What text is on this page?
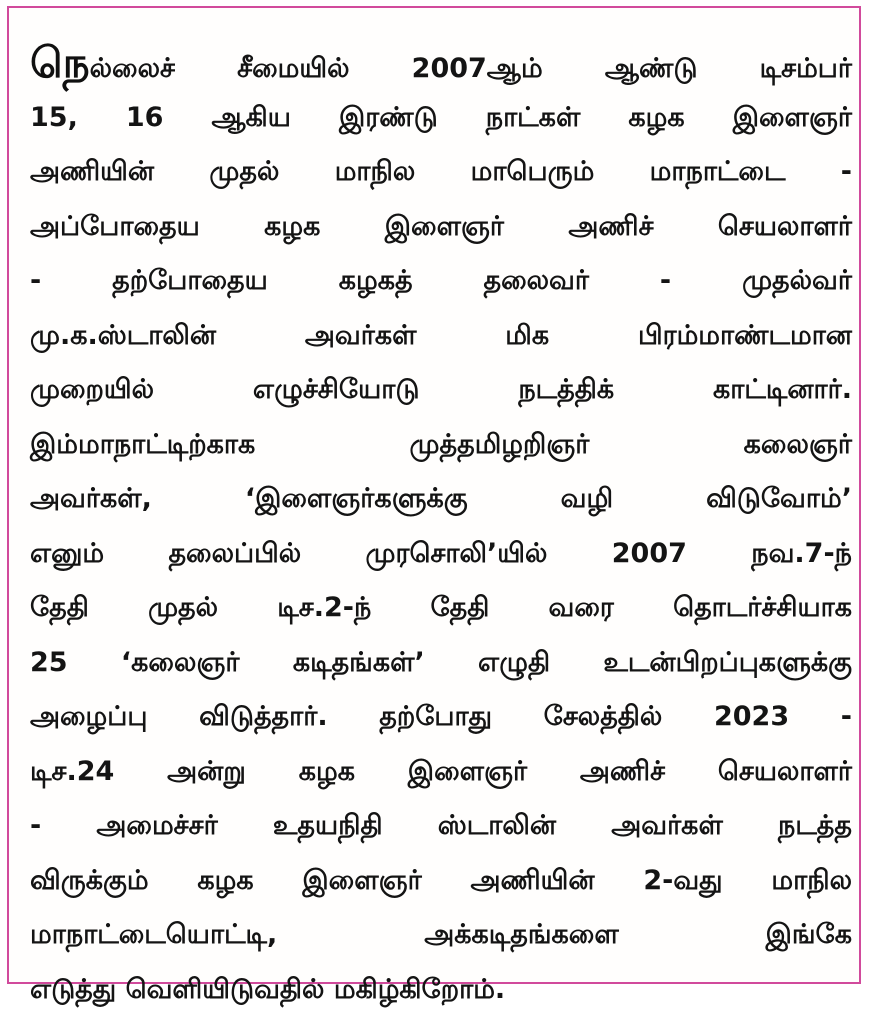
நெல்லைச் சீமையில் 2007ஆம் ஆண்டு டிசம்பர்
15, 16 ஆகிய இரண்டு நாட்கள் கழக இளைஞர்
அணியின் முதல் மாநில மாபெரும் மாநாட்டை -
அப்போதைய கழக இளைஞர் அணிச் செயலாளர்
- தற்போதைய கழகத் தலைவர் - முதல்வர்
மு.க.ஸ்டாலின் அவர்கள் மிக பிரம்மாண்டமான
முறையில் எழுச்சியோடு நடத்திக் காட்டினார்.
இம்மாநாட்டிற்காக முத்தமிழறிஞர் கலைஞர்
அவர்கள், ‘இளைஞர்களுக்கு வழி விடுவோம்’
எனும் தலைப்பில் முரசொலி’யில் 2007 நவ.7-ந்
தேதி முதல் டிச.2-ந் தேதி வரை தொடர்ச்சியாக
25 ‘கலைஞர் கடிதங்கள்’ எழுதி உடன்பிறப்புகளுக்கு
அழைப்பு விடுத்தார். தற்போது சேலத்தில் 2023 -
டிச.24 அன்று கழக இளைஞர் அணிச் செயலாளர்
- அமைச்சர் உதயநிதி ஸ்டாலின் அவர்கள் நடத்த
விருக்கும் கழக இளைஞர் அணியின் 2-வது மாநில
மாநாட்டையொட்டி, அக்கடிதங்களை இங்கே
எடுத்து வெளியிடுவதில் மகிழ்கிறோம்.
